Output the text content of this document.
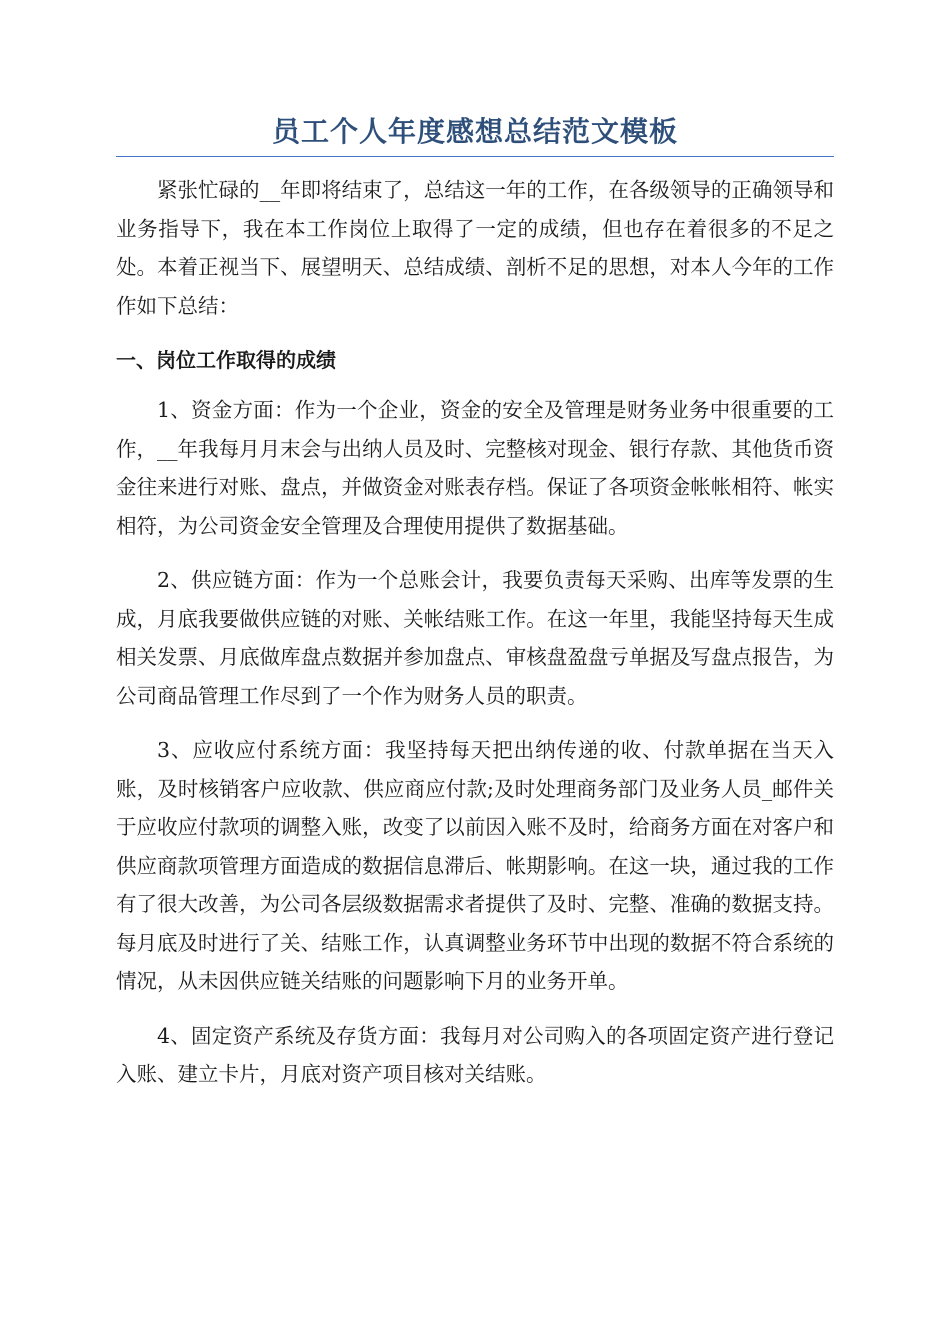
员工个人年度感想总结范文模板

紧张忙碌的__年即将结束了，总结这一年的工作，在各级领导的正确领导和业务指导下，我在本工作岗位上取得了一定的成绩，但也存在着很多的不足之处。本着正视当下、展望明天、总结成绩、剖析不足的思想，对本人今年的工作作如下总结：

一、岗位工作取得的成绩

1、资金方面：作为一个企业，资金的安全及管理是财务业务中很重要的工作，__年我每月月末会与出纳人员及时、完整核对现金、银行存款、其他货币资金往来进行对账、盘点，并做资金对账表存档。保证了各项资金帐帐相符、帐实相符，为公司资金安全管理及合理使用提供了数据基础。

2、供应链方面：作为一个总账会计，我要负责每天采购、出库等发票的生成，月底我要做供应链的对账、关帐结账工作。在这一年里，我能坚持每天生成相关发票、月底做库盘点数据并参加盘点、审核盘盈盘亏单据及写盘点报告，为公司商品管理工作尽到了一个作为财务人员的职责。

3、应收应付系统方面：我坚持每天把出纳传递的收、付款单据在当天入账，及时核销客户应收款、供应商应付款;及时处理商务部门及业务人员_邮件关于应收应付款项的调整入账，改变了以前因入账不及时，给商务方面在对客户和供应商款项管理方面造成的数据信息滞后、帐期影响。在这一块，通过我的工作有了很大改善，为公司各层级数据需求者提供了及时、完整、准确的数据支持。每月底及时进行了关、结账工作，认真调整业务环节中出现的数据不符合系统的情况，从未因供应链关结账的问题影响下月的业务开单。

4、固定资产系统及存货方面：我每月对公司购入的各项固定资产进行登记入账、建立卡片，月底对资产项目核对关结账。
